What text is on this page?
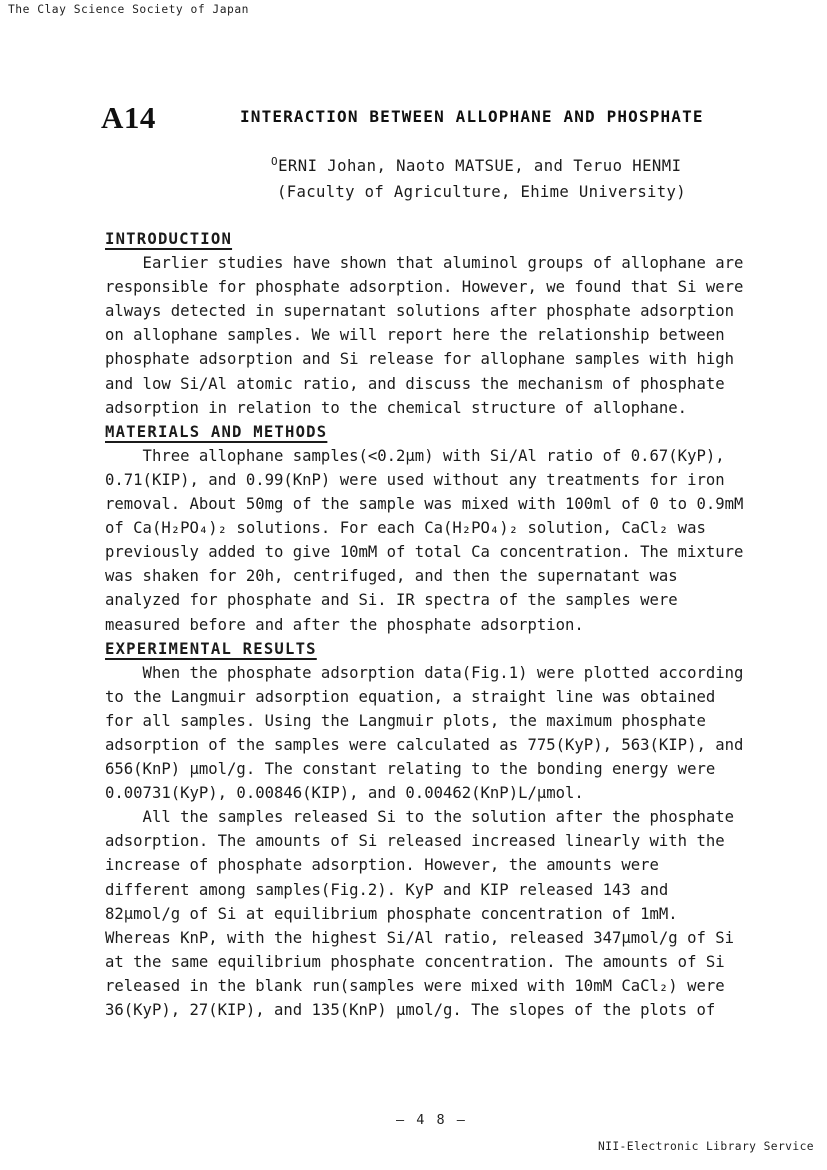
The Clay Science Society of Japan
A14	INTERACTION BETWEEN ALLOPHANE AND PHOSPHATE
$^O$ERNI Johan, Naoto MATSUE, and Teruo HENMI
(Faculty of Agriculture, Ehime University)
INTRODUCTION
Earlier studies have shown that aluminol groups of allophane are
responsible for phosphate adsorption. However, we found that Si were
always detected in supernatant solutions after phosphate adsorption
on allophane samples. We will report here the relationship between
phosphate adsorption and Si release for allophane samples with high
and low Si/Al atomic ratio, and discuss the mechanism of phosphate
adsorption in relation to the chemical structure of allophane.
MATERIALS AND METHODS
Three allophane samples(<0.2μm) with Si/Al ratio of 0.67(KyP),
0.71(KIP), and 0.99(KnP) were used without any treatments for iron
removal. About 50mg of the sample was mixed with 100ml of 0 to 0.9mM
of Ca(H₂PO₄)₂ solutions. For each Ca(H₂PO₄)₂ solution, CaCl₂ was
previously added to give 10mM of total Ca concentration. The mixture
was shaken for 20h, centrifuged, and then the supernatant was
analyzed for phosphate and Si. IR spectra of the samples were
measured before and after the phosphate adsorption.
EXPERIMENTAL RESULTS
When the phosphate adsorption data(Fig.1) were plotted according
to the Langmuir adsorption equation, a straight line was obtained
for all samples. Using the Langmuir plots, the maximum phosphate
adsorption of the samples were calculated as 775(KyP), 563(KIP), and
656(KnP) μmol/g. The constant relating to the bonding energy were
0.00731(KyP), 0.00846(KIP), and 0.00462(KnP)L/μmol.
All the samples released Si to the solution after the phosphate
adsorption. The amounts of Si released increased linearly with the
increase of phosphate adsorption. However, the amounts were
different among samples(Fig.2). KyP and KIP released 143 and
82μmol/g of Si at equilibrium phosphate concentration of 1mM.
Whereas KnP, with the highest Si/Al ratio, released 347μmol/g of Si
at the same equilibrium phosphate concentration. The amounts of Si
released in the blank run(samples were mixed with 10mM CaCl₂) were
36(KyP), 27(KIP), and 135(KnP) μmol/g. The slopes of the plots of
— 4 8 —
NII-Electronic Library Service
